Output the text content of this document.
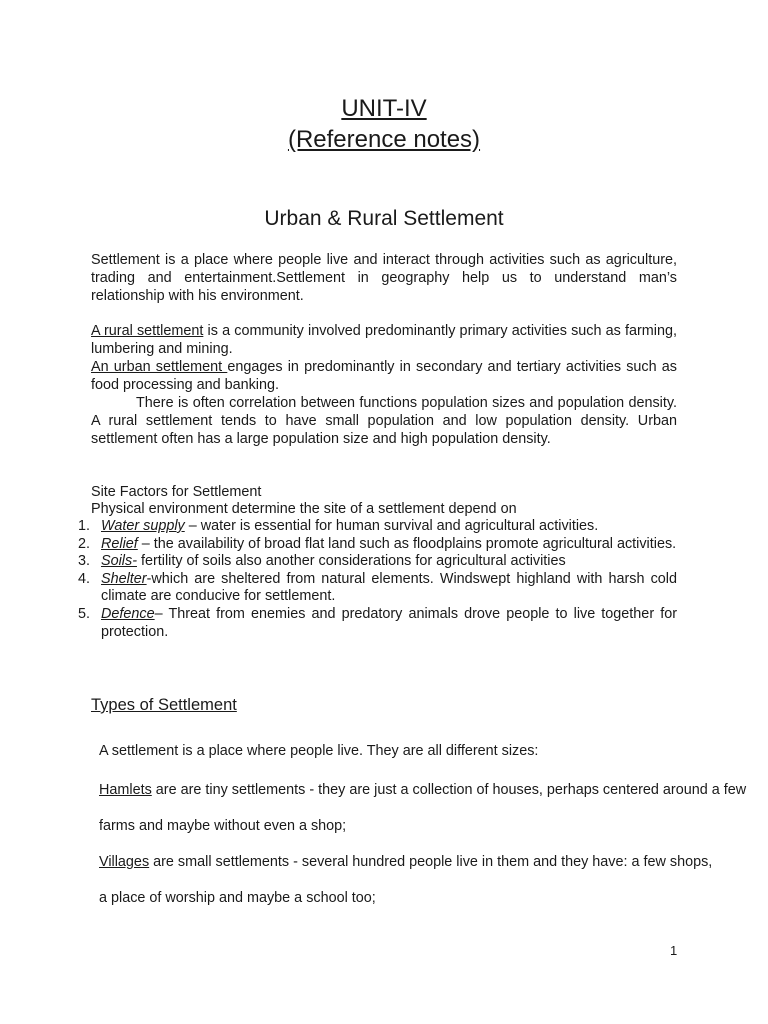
UNIT-IV
(Reference notes)
Urban & Rural Settlement
Settlement is a place where people live and interact through activities such as agriculture, trading and entertainment.Settlement in geography help us to understand man’s relationship with his environment.
A rural settlement is a community involved predominantly primary activities such as farming, lumbering and mining.
An urban settlement engages in predominantly in secondary and tertiary activities such as food processing and banking.
There is often correlation between functions population sizes and population density. A rural settlement tends to have small population and low population density. Urban settlement often has a large population size and high population density.
Site Factors for Settlement
Physical environment determine the site of a settlement depend on
1. Water supply – water is essential for human survival and agricultural activities.
2. Relief – the availability of broad flat land such as floodplains promote agricultural activities.
3. Soils- fertility of soils also another considerations for agricultural activities
4. Shelter-which are sheltered from natural elements. Windswept highland with harsh cold climate are conducive for settlement.
5. Defence– Threat from enemies and predatory animals drove people to live together for protection.
Types of Settlement
A settlement is a place where people live. They are all different sizes:
Hamlets are are tiny settlements - they are just a collection of houses, perhaps centered around a few
farms and maybe without even a shop;
Villages are small settlements - several hundred people live in them and they have: a few shops,
a place of worship and maybe a school too;
1
